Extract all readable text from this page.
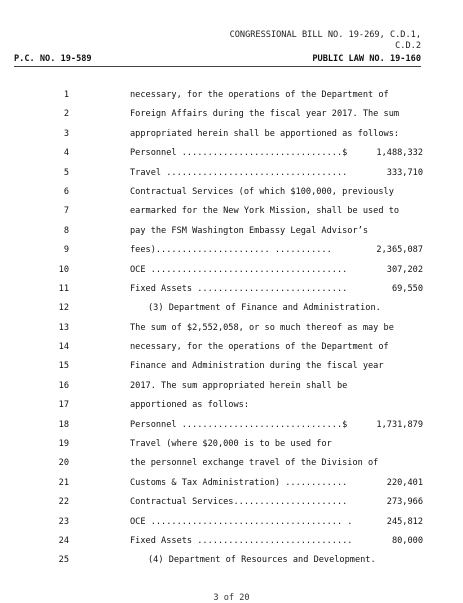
CONGRESSIONAL BILL NO. 19-269, C.D.1,
C.D.2
P.C. NO. 19-589	PUBLIC LAW NO. 19-160
1	necessary, for the operations of the Department of
2	Foreign Affairs during the fiscal year 2017. The sum
3	appropriated herein shall be apportioned as follows:
4	Personnel ...............................$	1,488,332
5	Travel ...................................	333,710
6	Contractual Services (of which $100,000, previously
7	earmarked for the New York Mission, shall be used to
8	pay the FSM Washington Embassy Legal Advisor’s
9	fees)...................... ...........	2,365,087
10	OCE ......................................	307,202
11	Fixed Assets .............................	69,550
12	(3) Department of Finance and Administration.
13	The sum of $2,552,058, or so much thereof as may be
14	necessary, for the operations of the Department of
15	Finance and Administration during the fiscal year
16	2017. The sum appropriated herein shall be
17	apportioned as follows:
18	Personnel ...............................$	1,731,879
19	Travel (where $20,000 is to be used for
20	the personnel exchange travel of the Division of
21	Customs & Tax Administration) ............	220,401
22	Contractual Services......................	273,966
23	OCE ..................................... .	245,812
24	Fixed Assets ..............................	80,000
25	(4) Department of Resources and Development.
3 of 20
